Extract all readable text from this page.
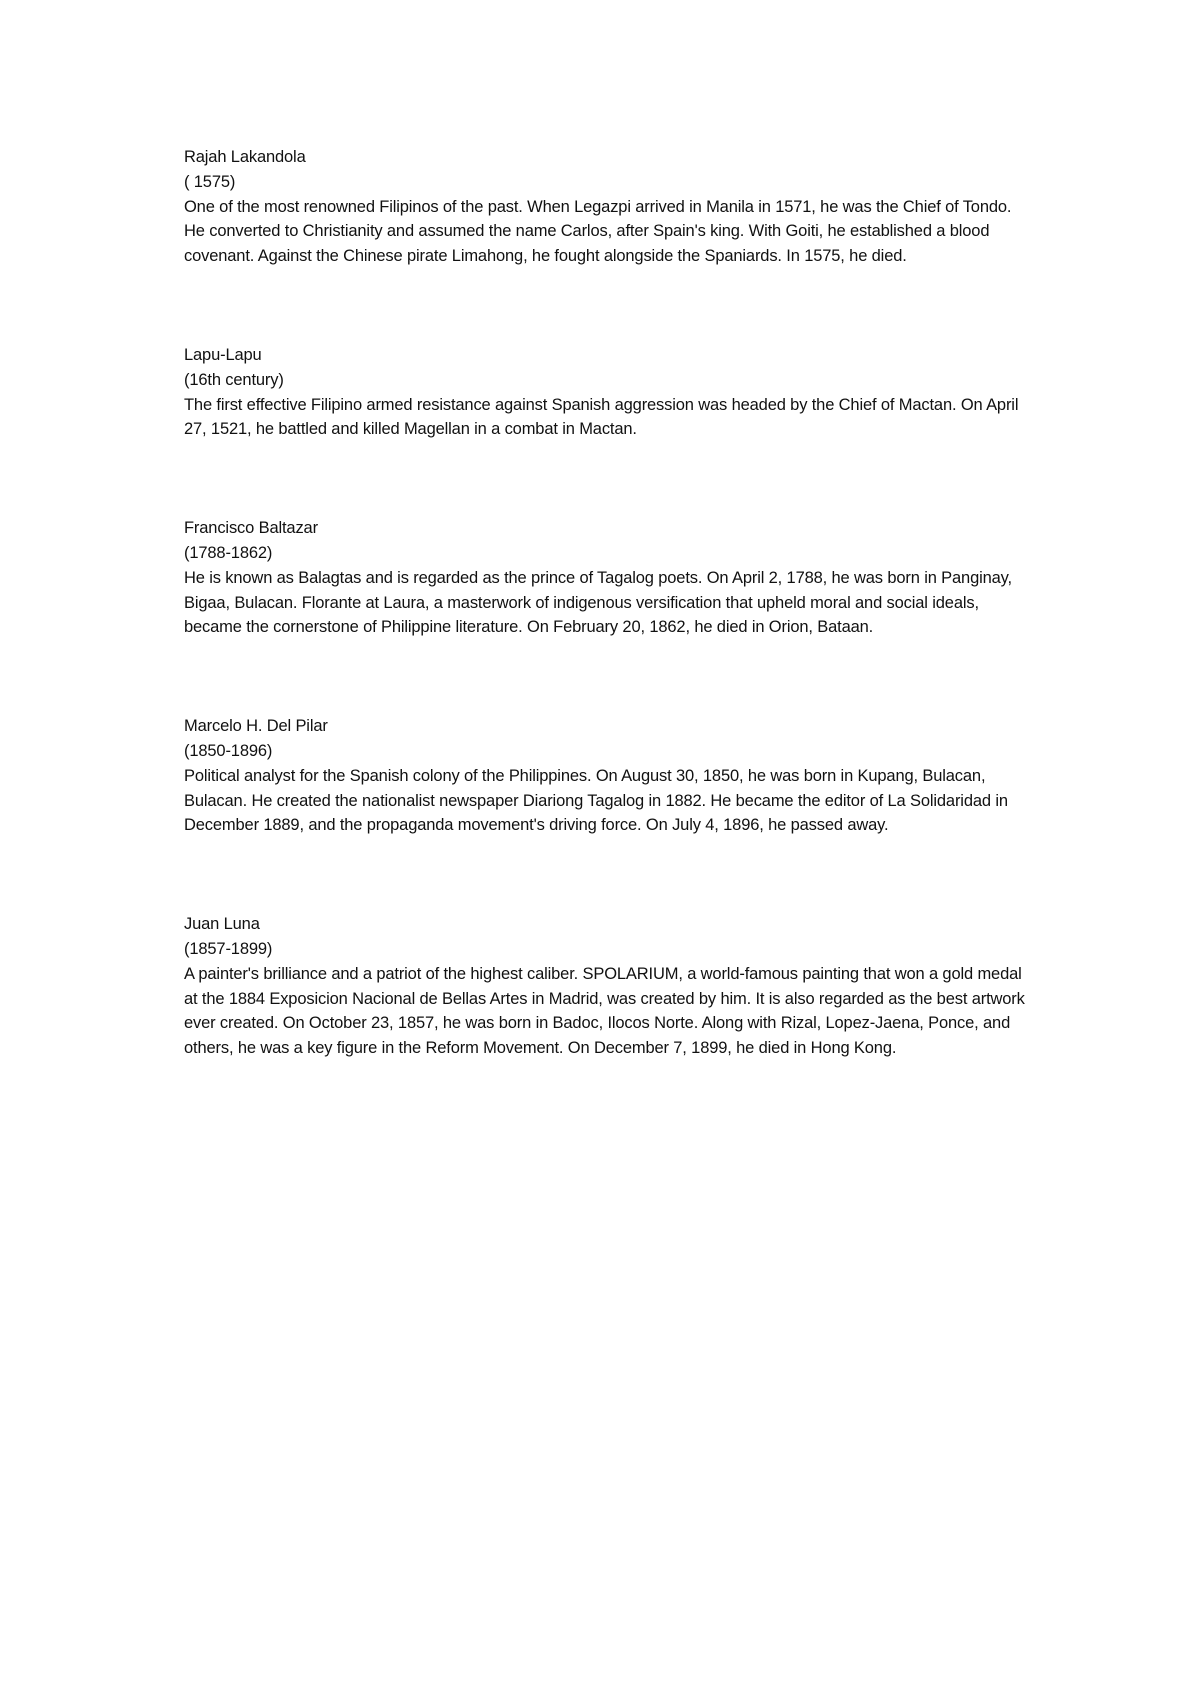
Rajah Lakandola
( 1575)
One of the most renowned Filipinos of the past. When Legazpi arrived in Manila in 1571, he was the Chief of Tondo. He converted to Christianity and assumed the name Carlos, after Spain's king. With Goiti, he established a blood covenant. Against the Chinese pirate Limahong, he fought alongside the Spaniards. In 1575, he died.
Lapu-Lapu
(16th century)
The first effective Filipino armed resistance against Spanish aggression was headed by the Chief of Mactan. On April 27, 1521, he battled and killed Magellan in a combat in Mactan.
Francisco Baltazar
(1788-1862)
He is known as Balagtas and is regarded as the prince of Tagalog poets. On April 2, 1788, he was born in Panginay, Bigaa, Bulacan. Florante at Laura, a masterwork of indigenous versification that upheld moral and social ideals, became the cornerstone of Philippine literature. On February 20, 1862, he died in Orion, Bataan.
Marcelo H. Del Pilar
(1850-1896)
Political analyst for the Spanish colony of the Philippines. On August 30, 1850, he was born in Kupang, Bulacan, Bulacan. He created the nationalist newspaper Diariong Tagalog in 1882. He became the editor of La Solidaridad in December 1889, and the propaganda movement's driving force. On July 4, 1896, he passed away.
Juan Luna
(1857-1899)
A painter's brilliance and a patriot of the highest caliber. SPOLARIUM, a world-famous painting that won a gold medal at the 1884 Exposicion Nacional de Bellas Artes in Madrid, was created by him. It is also regarded as the best artwork ever created. On October 23, 1857, he was born in Badoc, Ilocos Norte. Along with Rizal, Lopez-Jaena, Ponce, and others, he was a key figure in the Reform Movement. On December 7, 1899, he died in Hong Kong.
